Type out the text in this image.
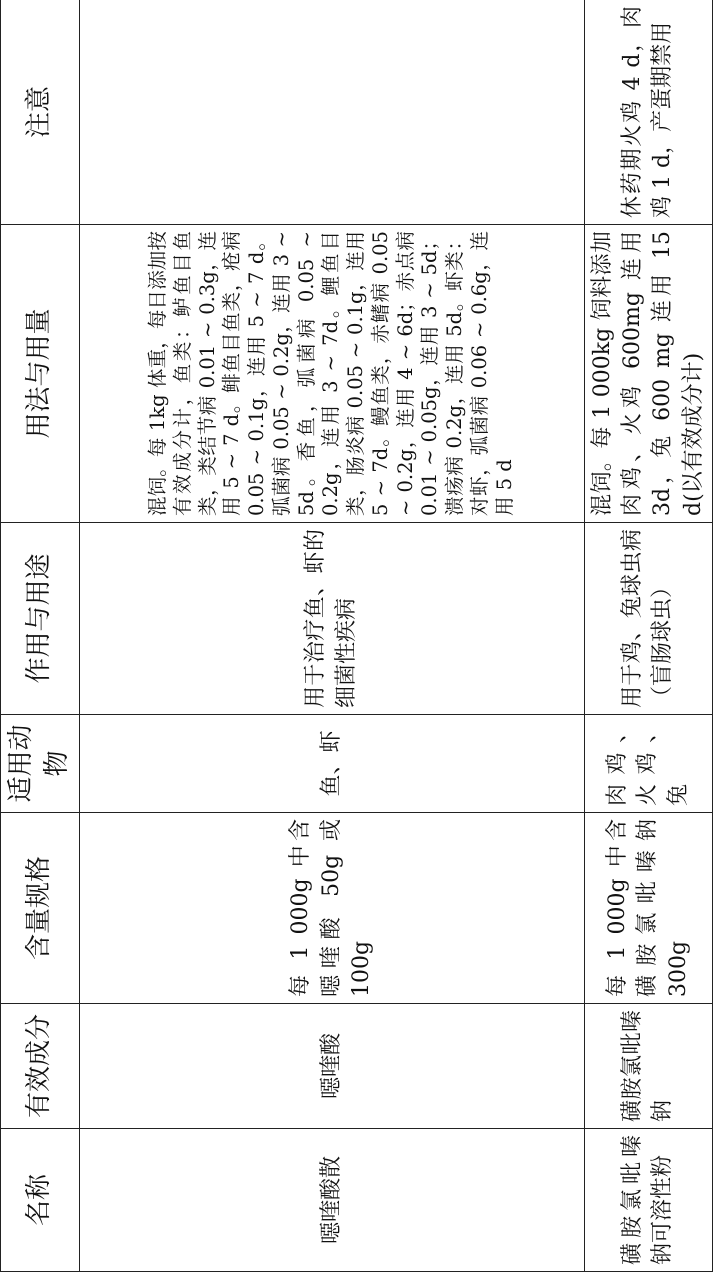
名称	有效成分	含量规格	适用动物	作用与用途	用法与用量	注意
噁喹酸散	噁喹酸	每 1 000g 中含噁喹酸 50g 或 100g	鱼、虾	用于治疗鱼、虾的细菌性疾病	混饲。每 1kg 体重，每日添加按有效成分计，鱼类：鲈鱼目鱼类，类结节病 0.01 ~ 0.3g，连用 5 ~ 7 d。鲱鱼目鱼类，疮病 0.05 ~ 0.1g，连用 5 ~ 7 d。弧菌病 0.05 ~ 0.2g，连用 3 ~ 5d。香鱼，弧菌病 0.05 ~ 0.2g，连用 3 ~ 7d。鲤鱼目类，肠炎病 0.05 ~ 0.1g，连用 5 ~ 7d。鳗鱼类，赤鳍病 0.05 ~ 0.2g，连用 4 ~ 6d；赤点病 0.01 ~ 0.05g，连用 3 ~ 5d；溃疡病 0.2g，连用 5d。虾类：对虾，弧菌病 0.06 ~ 0.6g，连用 5 d	
磺胺氯吡嗪钠可溶性粉	磺胺氯吡嗪钠	每 1 000g 中含磺胺氯吡嗪钠 300g	肉鸡、火鸡、兔	用于鸡、兔球虫病（盲肠球虫）	混饲。每 1 000kg 饲料添加肉鸡、火鸡 600mg 连用 3d，兔 600 mg 连用 15 d(以有效成分计)	休药期火鸡 4 d，肉鸡 1 d，产蛋期禁用
